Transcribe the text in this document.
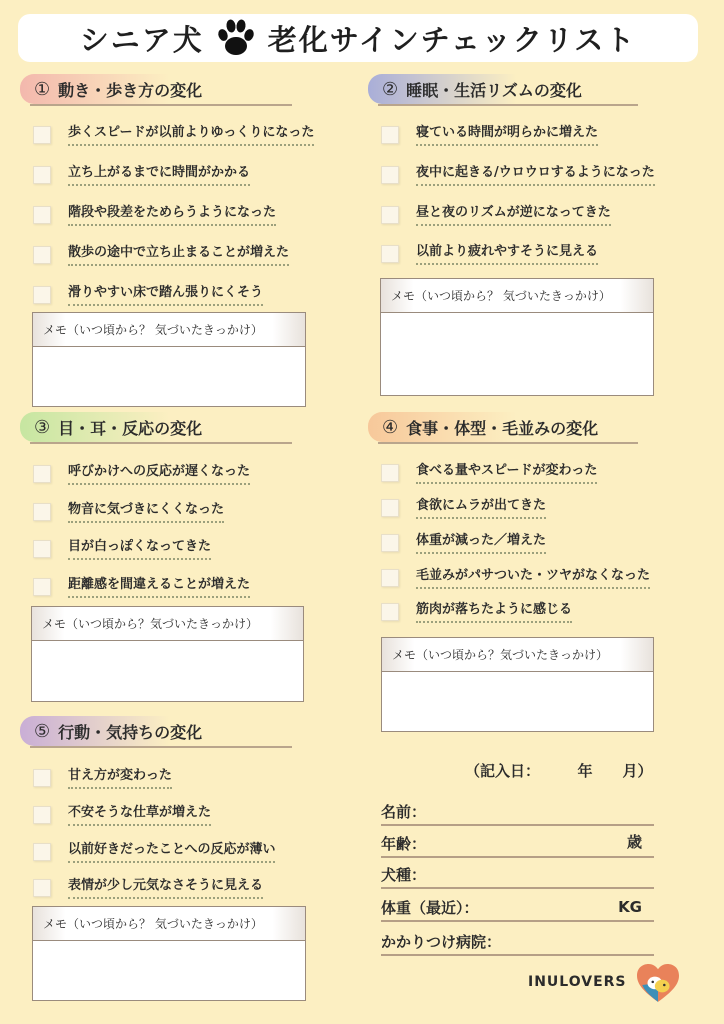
シニア犬 老化サインチェックリスト
① 動き・歩き方の変化
歩くスピードが以前よりゆっくりになった
立ち上がるまでに時間がかかる
階段や段差をためらうようになった
散歩の途中で立ち止まることが増えた
滑りやすい床で踏ん張りにくそう
メモ（いつ頃から？ 気づいたきっかけ）
② 睡眠・生活リズムの変化
寝ている時間が明らかに増えた
夜中に起きる/ウロウロするようになった
昼と夜のリズムが逆になってきた
以前より疲れやすそうに見える
メモ（いつ頃から？ 気づいたきっかけ）
③ 目・耳・反応の変化
呼びかけへの反応が遅くなった
物音に気づきにくくなった
目が白っぽくなってきた
距離感を間違えることが増えた
メモ（いつ頃から？気づいたきっかけ）
④ 食事・体型・毛並みの変化
食べる量やスピードが変わった
食欲にムラが出てきた
体重が減った／増えた
毛並みがパサついた・ツヤがなくなった
筋肉が落ちたように感じる
メモ（いつ頃から？気づいたきっかけ）
⑤ 行動・気持ちの変化
甘え方が変わった
不安そうな仕草が増えた
以前好きだったことへの反応が薄い
表情が少し元気なさそうに見える
メモ（いつ頃から？ 気づいたきっかけ）
（記入日：　　　年　　月）
名前：
年齢：	歳
犬種：
体重（最近）：	KG
かかりつけ病院：
INULOVERS
